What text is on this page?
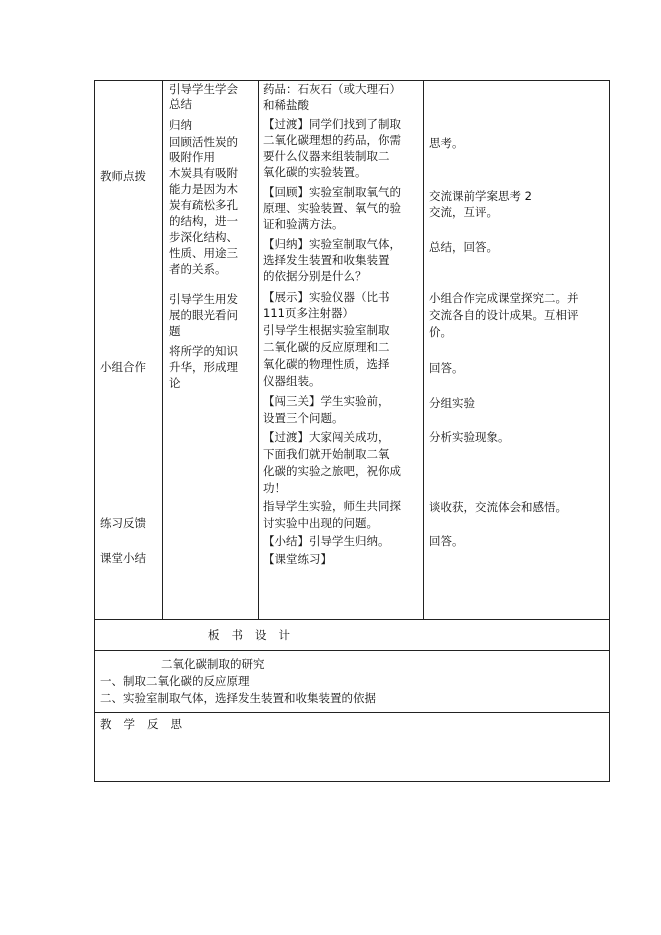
教师点拨
小组合作
练习反馈
课堂小结
引导学生学会
总结
归纳
回顾活性炭的
吸附作用
木炭具有吸附
能力是因为木
炭有疏松多孔
的结构，进一
步深化结构、
性质、用途三
者的关系。
引导学生用发
展的眼光看问
题
将所学的知识
升华，形成理
论
药品：石灰石（或大理石）
和稀盐酸
【过渡】同学们找到了制取
二氧化碳理想的药品，你需
要什么仪器来组装制取二
氧化碳的实验装置。
【回顾】实验室制取氧气的
原理、实验装置、氧气的验
证和验满方法。
【归纳】实验室制取气体，
选择发生装置和收集装置
的依据分别是什么？
【展示】实验仪器（比书
111页多注射器）
引导学生根据实验室制取
二氧化碳的反应原理和二
氧化碳的物理性质，选择
仪器组装。
【闯三关】学生实验前，
设置三个问题。
【过渡】大家闯关成功，
下面我们就开始制取二氧
化碳的实验之旅吧，祝你成
功！
指导学生实验，师生共同探
讨实验中出现的问题。
【小结】引导学生归纳。
【课堂练习】
思考。
交流课前学案思考 2
交流，互评。
总结，回答。
小组合作完成课堂探究二。并
交流各自的设计成果。互相评
价。
回答。
分组实验
分析实验现象。
谈收获，交流体会和感悟。
回答。
板书设计
二氧化碳制取的研究
一、制取二氧化碳的反应原理
二、实验室制取气体，选择发生装置和收集装置的依据
教学反思
